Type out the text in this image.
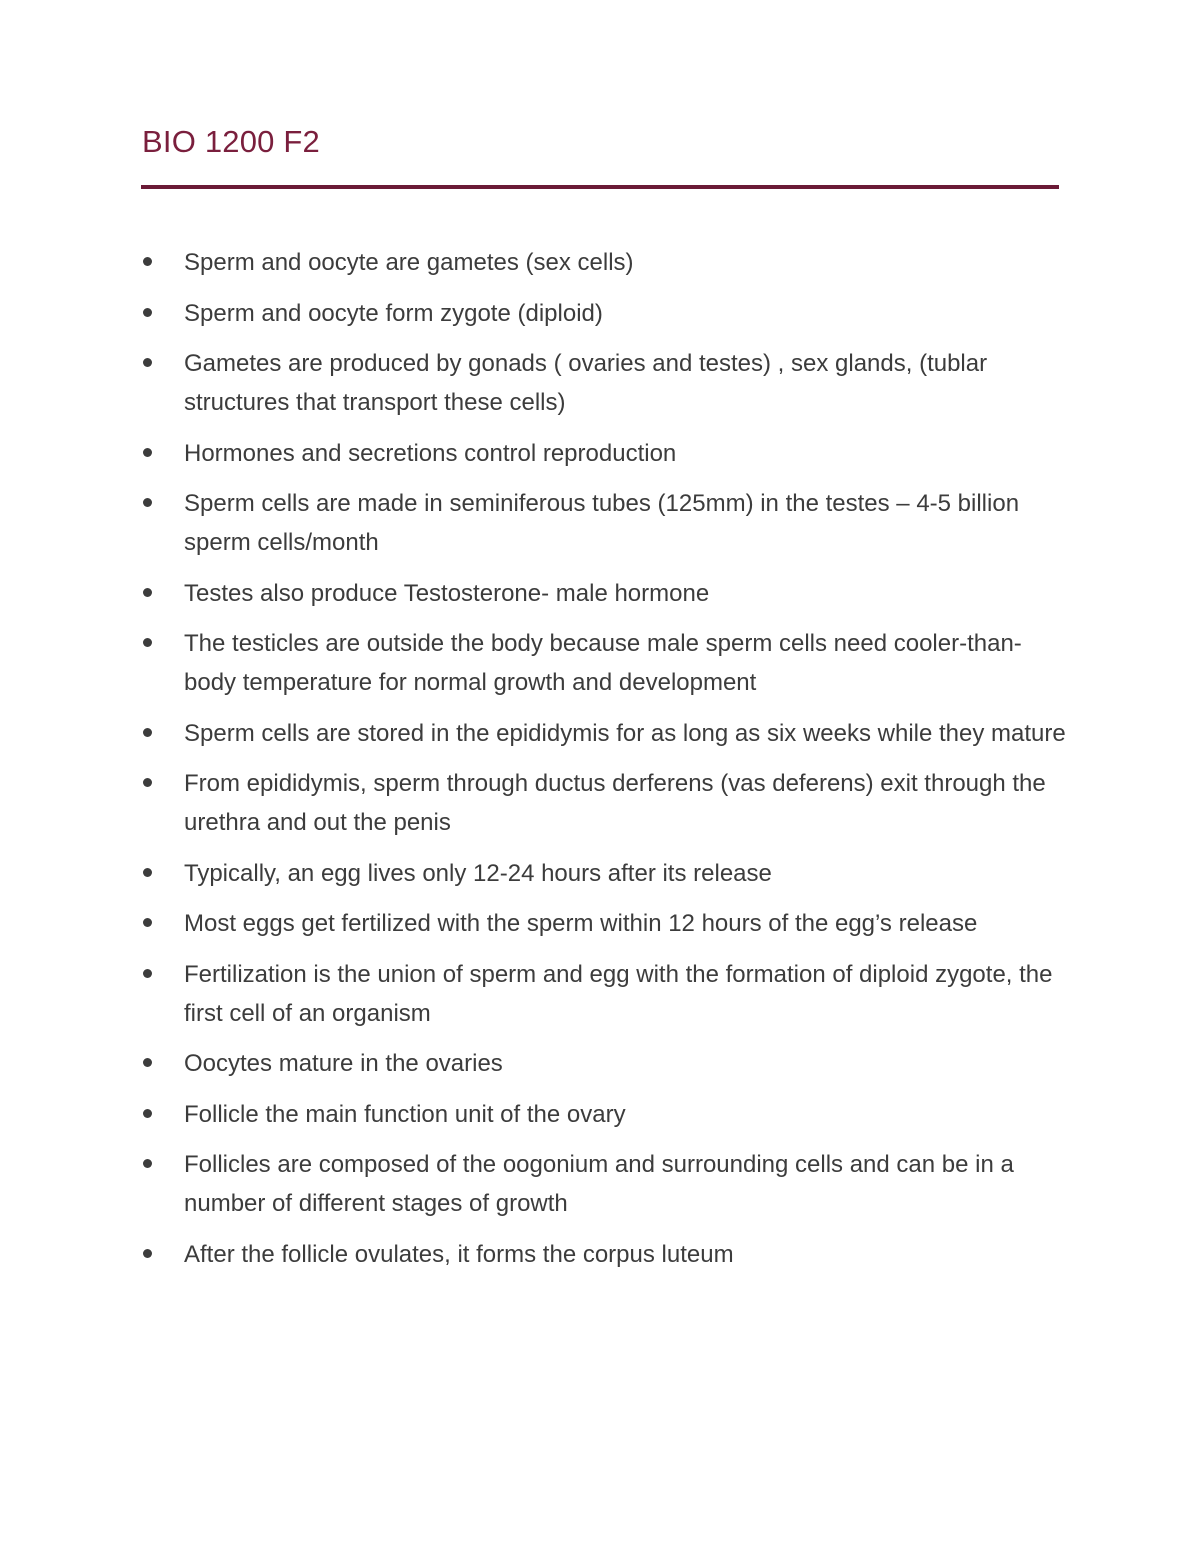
BIO 1200 F2
Sperm and oocyte are gametes (sex cells)
Sperm and oocyte form zygote (diploid)
Gametes are produced by gonads ( ovaries and testes) , sex glands, (tublar structures that transport these cells)
Hormones and secretions control reproduction
Sperm cells are made in seminiferous tubes (125mm) in the testes – 4-5 billion sperm cells/month
Testes also produce Testosterone- male hormone
The testicles are outside the body because male sperm cells need cooler-than-body temperature for normal growth and development
Sperm cells are stored in the epididymis for as long as six weeks while they mature
From epididymis, sperm through ductus derferens (vas deferens) exit through the urethra and out the penis
Typically, an egg lives only 12-24 hours after its release
Most eggs get fertilized with the sperm within 12 hours of the egg’s release
Fertilization is the union of sperm and egg with the formation of diploid zygote, the first cell of an organism
Oocytes mature in the ovaries
Follicle the main function unit of the ovary
Follicles are composed of the oogonium and surrounding cells and can be in a number of different stages of growth
After the follicle ovulates, it forms the corpus luteum
